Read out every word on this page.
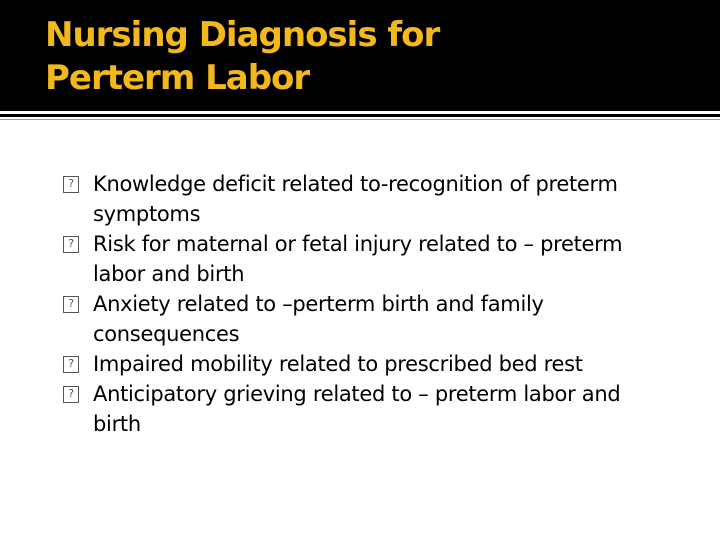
Nursing Diagnosis for
Perterm Labor
? Knowledge deficit related to-recognition of preterm symptoms
? Risk for maternal or fetal injury related to – preterm labor and birth
? Anxiety related to –perterm birth and family consequences
? Impaired mobility related to prescribed bed rest
? Anticipatory grieving related to – preterm labor and birth
